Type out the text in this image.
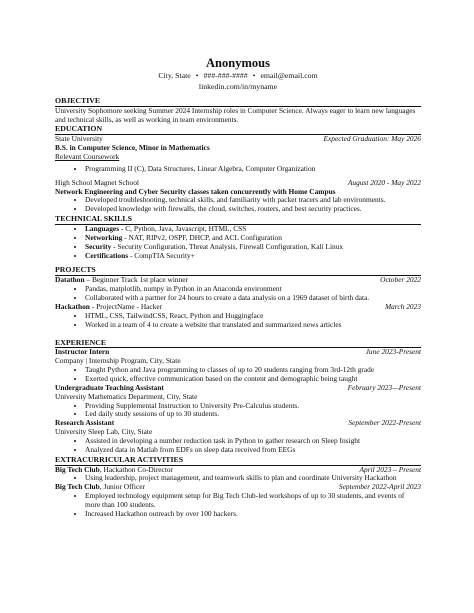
Anonymous
City, State • ###-###-#### • email@email.com
linkedin.com/in/myname
OBJECTIVE

University Sophomore seeking Summer 2024 Internship roles in Computer Science. Always eager to learn new languages and technical skills, as well as working in team environments.

EDUCATION
State University	Expected Graduation: May 2026
B.S. in Computer Science, Minor in Mathematics
Relevant Coursework
• Programming II (C), Data Structures, Linear Algebra, Computer Organization
High School Magnet School	August 2020 - May 2022
Network Engineering and Cyber Security classes taken concurrently with Home Campus
• Developed troubleshooting, technical skills, and familiarity with packet tracers and lab environments.
• Developed knowledge with firewalls, the cloud, switches, routers, and best security practices.
TECHNICAL SKILLS
• Languages - C, Python, Java, Javascript, HTML, CSS
• Networking - NAT, RIPv2, OSPF, DHCP, and ACL Configuration
• Security - Security Configuration, Threat Analysis, Firewall Configuration, Kali Linux
• Certifications - CompTIA Security+
PROJECTS
Datathon – Beginner Track 1st place winner	October 2022
• Pandas, matplotlib, numpy in Python in an Anaconda environment
• Collaborated with a partner for 24 hours to create a data analysis on a 1969 dataset of birth data.
Hackathon - ProjectName - Hacker	March 2023
• HTML, CSS, TailwindCSS, React, Python and Huggingface
• Worked in a team of 4 to create a website that translated and summarized news articles
EXPERIENCE
Instructor Intern	June 2023-Present
Company | Internship Program, City, State
• Taught Python and Java programming to classes of up to 20 students ranging from 3rd-12th grade
• Exerted quick, effective communication based on the content and demographic being taught
Undergraduate Teaching Assistant	February 2023—Present
University Mathematics Department, City, State
• Providing Supplemental Instruction to University Pre-Calculus students.
• Led daily study sessions of up to 30 students.
Research Assistant	September 2022-Present
University Sleep Lab, City, State
• Assisted in developing a number reduction task in Python to gather research on Sleep Insight
• Analyzed data in Matlab from EDFs on sleep data received from EEGs
EXTRACURRICULAR ACTIVITIES
Big Tech Club, Hackathon Co-Director	April 2023 – Present
• Using leadership, project management, and teamwork skills to plan and coordinate University Hackathon
Big Tech Club, Junior Officer	September 2022-April 2023
• Employed technology equipment setup for Big Tech Club-led workshops of up to 30 students, and events of more than 100 students.
• Increased Hackathon outreach by over 100 hackers.
